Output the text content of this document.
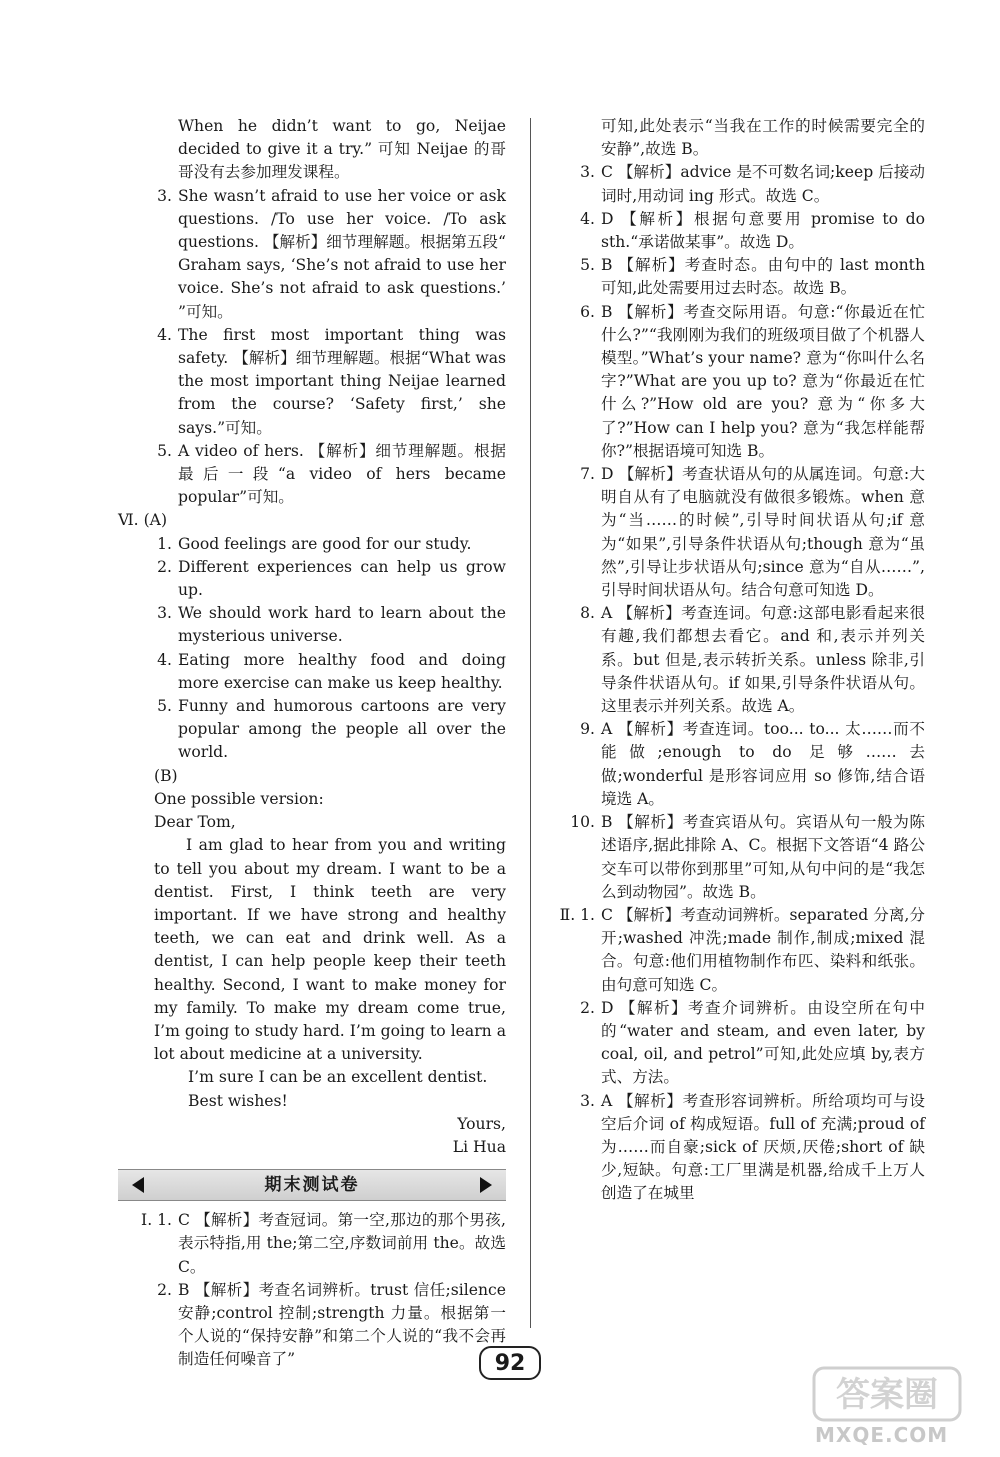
When he didn’t want to go, Neijae decided to give it a try.” 可知 Neijae 的哥哥没有去参加理发课程。

3. She wasn’t afraid to use her voice or ask questions. /To use her voice. /To ask questions. 【解析】细节理解题。根据第五段“ Graham says, ‘She’s not afraid to use her voice. She’s not afraid to ask questions.’ ”可知。
4. The first most important thing was safety. 【解析】细节理解题。根据“What was the most important thing Neijae learned from the course? ‘Safety first,’ she says.”可知。
5. A video of hers. 【解析】细节理解题。根据最后一段“a video of hers became popular”可知。

Ⅵ. (A)

1. Good feelings are good for our study.
2. Different experiences can help us grow up.
3. We should work hard to learn about the mysterious universe.
4. Eating more healthy food and doing more exercise can make us keep healthy.
5. Funny and humorous cartoons are very popular among the people all over the world.

(B)

One possible version:

Dear Tom,

I am glad to hear from you and writing to tell you about my dream. I want to be a dentist. First, I think teeth are very important. If we have strong and healthy teeth, we can eat and drink well. As a dentist, I can help people keep their teeth healthy. Second, I want to make money for my family. To make my dream come true, I’m going to study hard. I’m going to learn a lot about medicine at a university.

I’m sure I can be an excellent dentist.

Best wishes!

Yours,

Li Hua

期末测试卷
Ⅰ. 1. C 【解析】考查冠词。第一空,那边的那个男孩,表示特指,用 the;第二空,序数词前用 the。故选 C。
2. B 【解析】考查名词辨析。trust 信任;silence 安静;control 控制;strength 力量。根据第一个人说的“保持安静”和第二个人说的“我不会再制造任何噪音了”

可知,此处表示“当我在工作的时候需要完全的安静”,故选 B。

3. C 【解析】advice 是不可数名词;keep 后接动词时,用动词 ing 形式。故选 C。
4. D 【解析】根据句意要用 promise to do sth.“承诺做某事”。故选 D。
5. B 【解析】考查时态。由句中的 last month 可知,此处需要用过去时态。故选 B。
6. B 【解析】考查交际用语。句意:“你最近在忙什么?”“我刚刚为我们的班级项目做了个机器人模型。”What’s your name? 意为“你叫什么名字?”What are you up to? 意为“你最近在忙什么?”How old are you? 意为“你多大了?”How can I help you? 意为“我怎样能帮你?”根据语境可知选 B。
7. D 【解析】考查状语从句的从属连词。句意:大明自从有了电脑就没有做很多锻炼。when 意为“当……的时候”,引导时间状语从句;if 意为“如果”,引导条件状语从句;though 意为“虽然”,引导让步状语从句;since 意为“自从……”,引导时间状语从句。结合句意可知选 D。
8. A 【解析】考查连词。句意:这部电影看起来很有趣,我们都想去看它。and 和,表示并列关系。but 但是,表示转折关系。unless 除非,引导条件状语从句。if 如果,引导条件状语从句。这里表示并列关系。故选 A。
9. A 【解析】考查连词。too... to... 太……而不能做;enough to do 足够……去做;wonderful 是形容词应用 so 修饰,结合语境选 A。
10. B 【解析】考查宾语从句。宾语从句一般为陈述语序,据此排除 A、C。根据下文答语“4 路公交车可以带你到那里”可知,从句中问的是“我怎么到动物园”。故选 B。
Ⅱ. 1. C 【解析】考查动词辨析。separated 分离,分开;washed 冲洗;made 制作,制成;mixed 混合。句意:他们用植物制作布匹、染料和纸张。由句意可知选 C。
2. D 【解析】考查介词辨析。由设空所在句中的“water and steam, and even later, by coal, oil, and petrol”可知,此处应填 by,表方式、方法。
3. A 【解析】考查形容词辨析。所给项均可与设空后介词 of 构成短语。full of 充满;proud of 为……而自豪;sick of 厌烦,厌倦;short of 缺少,短缺。句意:工厂里满是机器,给成千上万人创造了在城里
92
答案圈
MXQE.COM
